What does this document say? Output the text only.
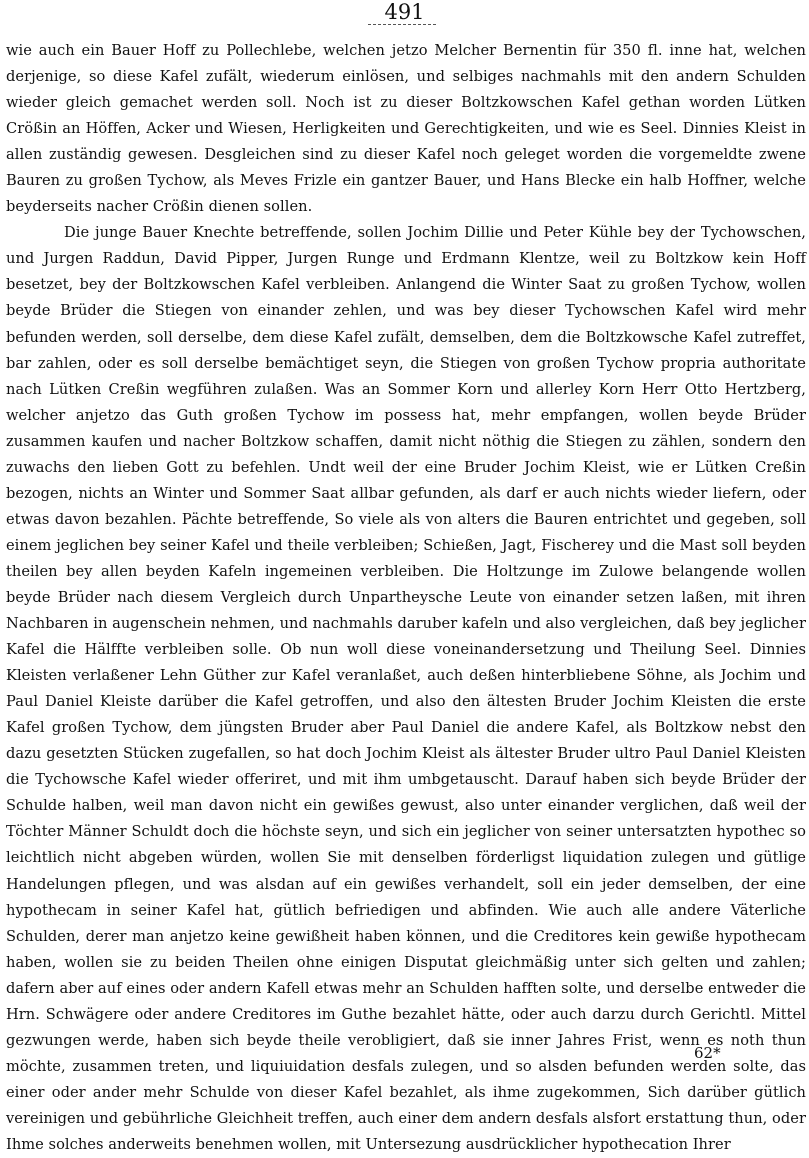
491

wie auch ein Bauer Hoff zu Pollechlebe, welchen jetzo Melcher Bernentin für 350 fl. inne hat, welchen derjenige, so diese Kafel zufält, wiederum einlösen, und selbiges nachmahls mit den andern Schulden wieder gleich gemachet werden soll. Noch ist zu dieser Boltzkowschen Kafel gethan worden Lütken Crößin an Höffen, Acker und Wiesen, Herligkeiten und Gerechtigkeiten, und wie es Seel. Dinnies Kleist in allen zuständig gewesen. Desgleichen sind zu dieser Kafel noch geleget worden die vorgemeldte zwene Bauren zu großen Tychow, als Meves Frizle ein gantzer Bauer, und Hans Blecke ein halb Hoffner, welche beyderseits nacher Crößin dienen sollen.

Die junge Bauer Knechte betreffende, sollen Jochim Dillie und Peter Kühle bey der Tychowschen, und Jurgen Raddun, David Pipper, Jurgen Runge und Erdmann Klentze, weil zu Boltzkow kein Hoff besetzet, bey der Boltzkowschen Kafel verbleiben. Anlangend die Winter Saat zu großen Tychow, wollen beyde Brüder die Stiegen von einander zehlen, und was bey dieser Tychowschen Kafel wird mehr befunden werden, soll derselbe, dem diese Kafel zufält, demselben, dem die Boltzkowsche Kafel zutreffet, bar zahlen, oder es soll derselbe bemächtiget seyn, die Stiegen von großen Tychow propria authoritate nach Lütken Creßin wegführen zulaßen. Was an Sommer Korn und allerley Korn Herr Otto Hertzberg, welcher anjetzo das Guth großen Tychow im possess hat, mehr empfangen, wollen beyde Brüder zusammen kaufen und nacher Boltzkow schaffen, damit nicht nöthig die Stiegen zu zählen, sondern den zuwachs den lieben Gott zu befehlen. Undt weil der eine Bruder Jochim Kleist, wie er Lütken Creßin bezogen, nichts an Winter und Sommer Saat allbar gefunden, als darf er auch nichts wieder liefern, oder etwas davon bezahlen. Pächte betreffende, So viele als von alters die Bauren entrichtet und gegeben, soll einem jeglichen bey seiner Kafel und theile verbleiben; Schießen, Jagt, Fischerey und die Mast soll beyden theilen bey allen beyden Kafeln ingemeinen verbleiben. Die Holtzunge im Zulowe belangende wollen beyde Brüder nach diesem Vergleich durch Unpartheysche Leute von einander setzen laßen, mit ihren Nachbaren in augenschein nehmen, und nachmahls daruber kafeln und also vergleichen, daß bey jeglicher Kafel die Hälffte verbleiben solle. Ob nun woll diese voneinandersetzung und Theilung Seel. Dinnies Kleisten verlaßener Lehn Güther zur Kafel veranlaßet, auch deßen hinterbliebene Söhne, als Jochim und Paul Daniel Kleiste darüber die Kafel getroffen, und also den ältesten Bruder Jochim Kleisten die erste Kafel großen Tychow, dem jüngsten Bruder aber Paul Daniel die andere Kafel, als Boltzkow nebst den dazu gesetzten Stücken zugefallen, so hat doch Jochim Kleist als ältester Bruder ultro Paul Daniel Kleisten die Tychowsche Kafel wieder offeriret, und mit ihm umbgetauscht. Darauf haben sich beyde Brüder der Schulde halben, weil man davon nicht ein gewißes gewust, also unter einander verglichen, daß weil der Töchter Männer Schuldt doch die höchste seyn, und sich ein jeglicher von seiner untersatzten hypothec so leichtlich nicht abgeben würden, wollen Sie mit denselben förderligst liquidation zulegen und gütlige Handelungen pflegen, und was alsdan auf ein gewißes verhandelt, soll ein jeder demselben, der eine hypothecam in seiner Kafel hat, gütlich befriedigen und abfinden. Wie auch alle andere Väterliche Schulden, derer man anjetzo keine gewißheit haben können, und die Creditores kein gewiße hypothecam haben, wollen sie zu beiden Theilen ohne einigen Disputat gleichmäßig unter sich gelten und zahlen; dafern aber auf eines oder andern Kafell etwas mehr an Schulden hafften solte, und derselbe entweder die Hrn. Schwägere oder andere Creditores im Guthe bezahlet hätte, oder auch darzu durch Gerichtl. Mittel gezwungen werde, haben sich beyde theile verobligiert, daß sie inner Jahres Frist, wenn es noth thun möchte, zusammen treten, und liquiuidation desfals zulegen, und so alsden befunden werden solte, das einer oder ander mehr Schulde von dieser Kafel bezahlet, als ihme zugekommen, Sich darüber gütlich vereinigen und gebührliche Gleichheit treffen, auch einer dem andern desfals alsfort erstattung thun, oder Ihme solches anderweits benehmen wollen, mit Untersezung ausdrücklicher hypothecation Ihrer

62*
